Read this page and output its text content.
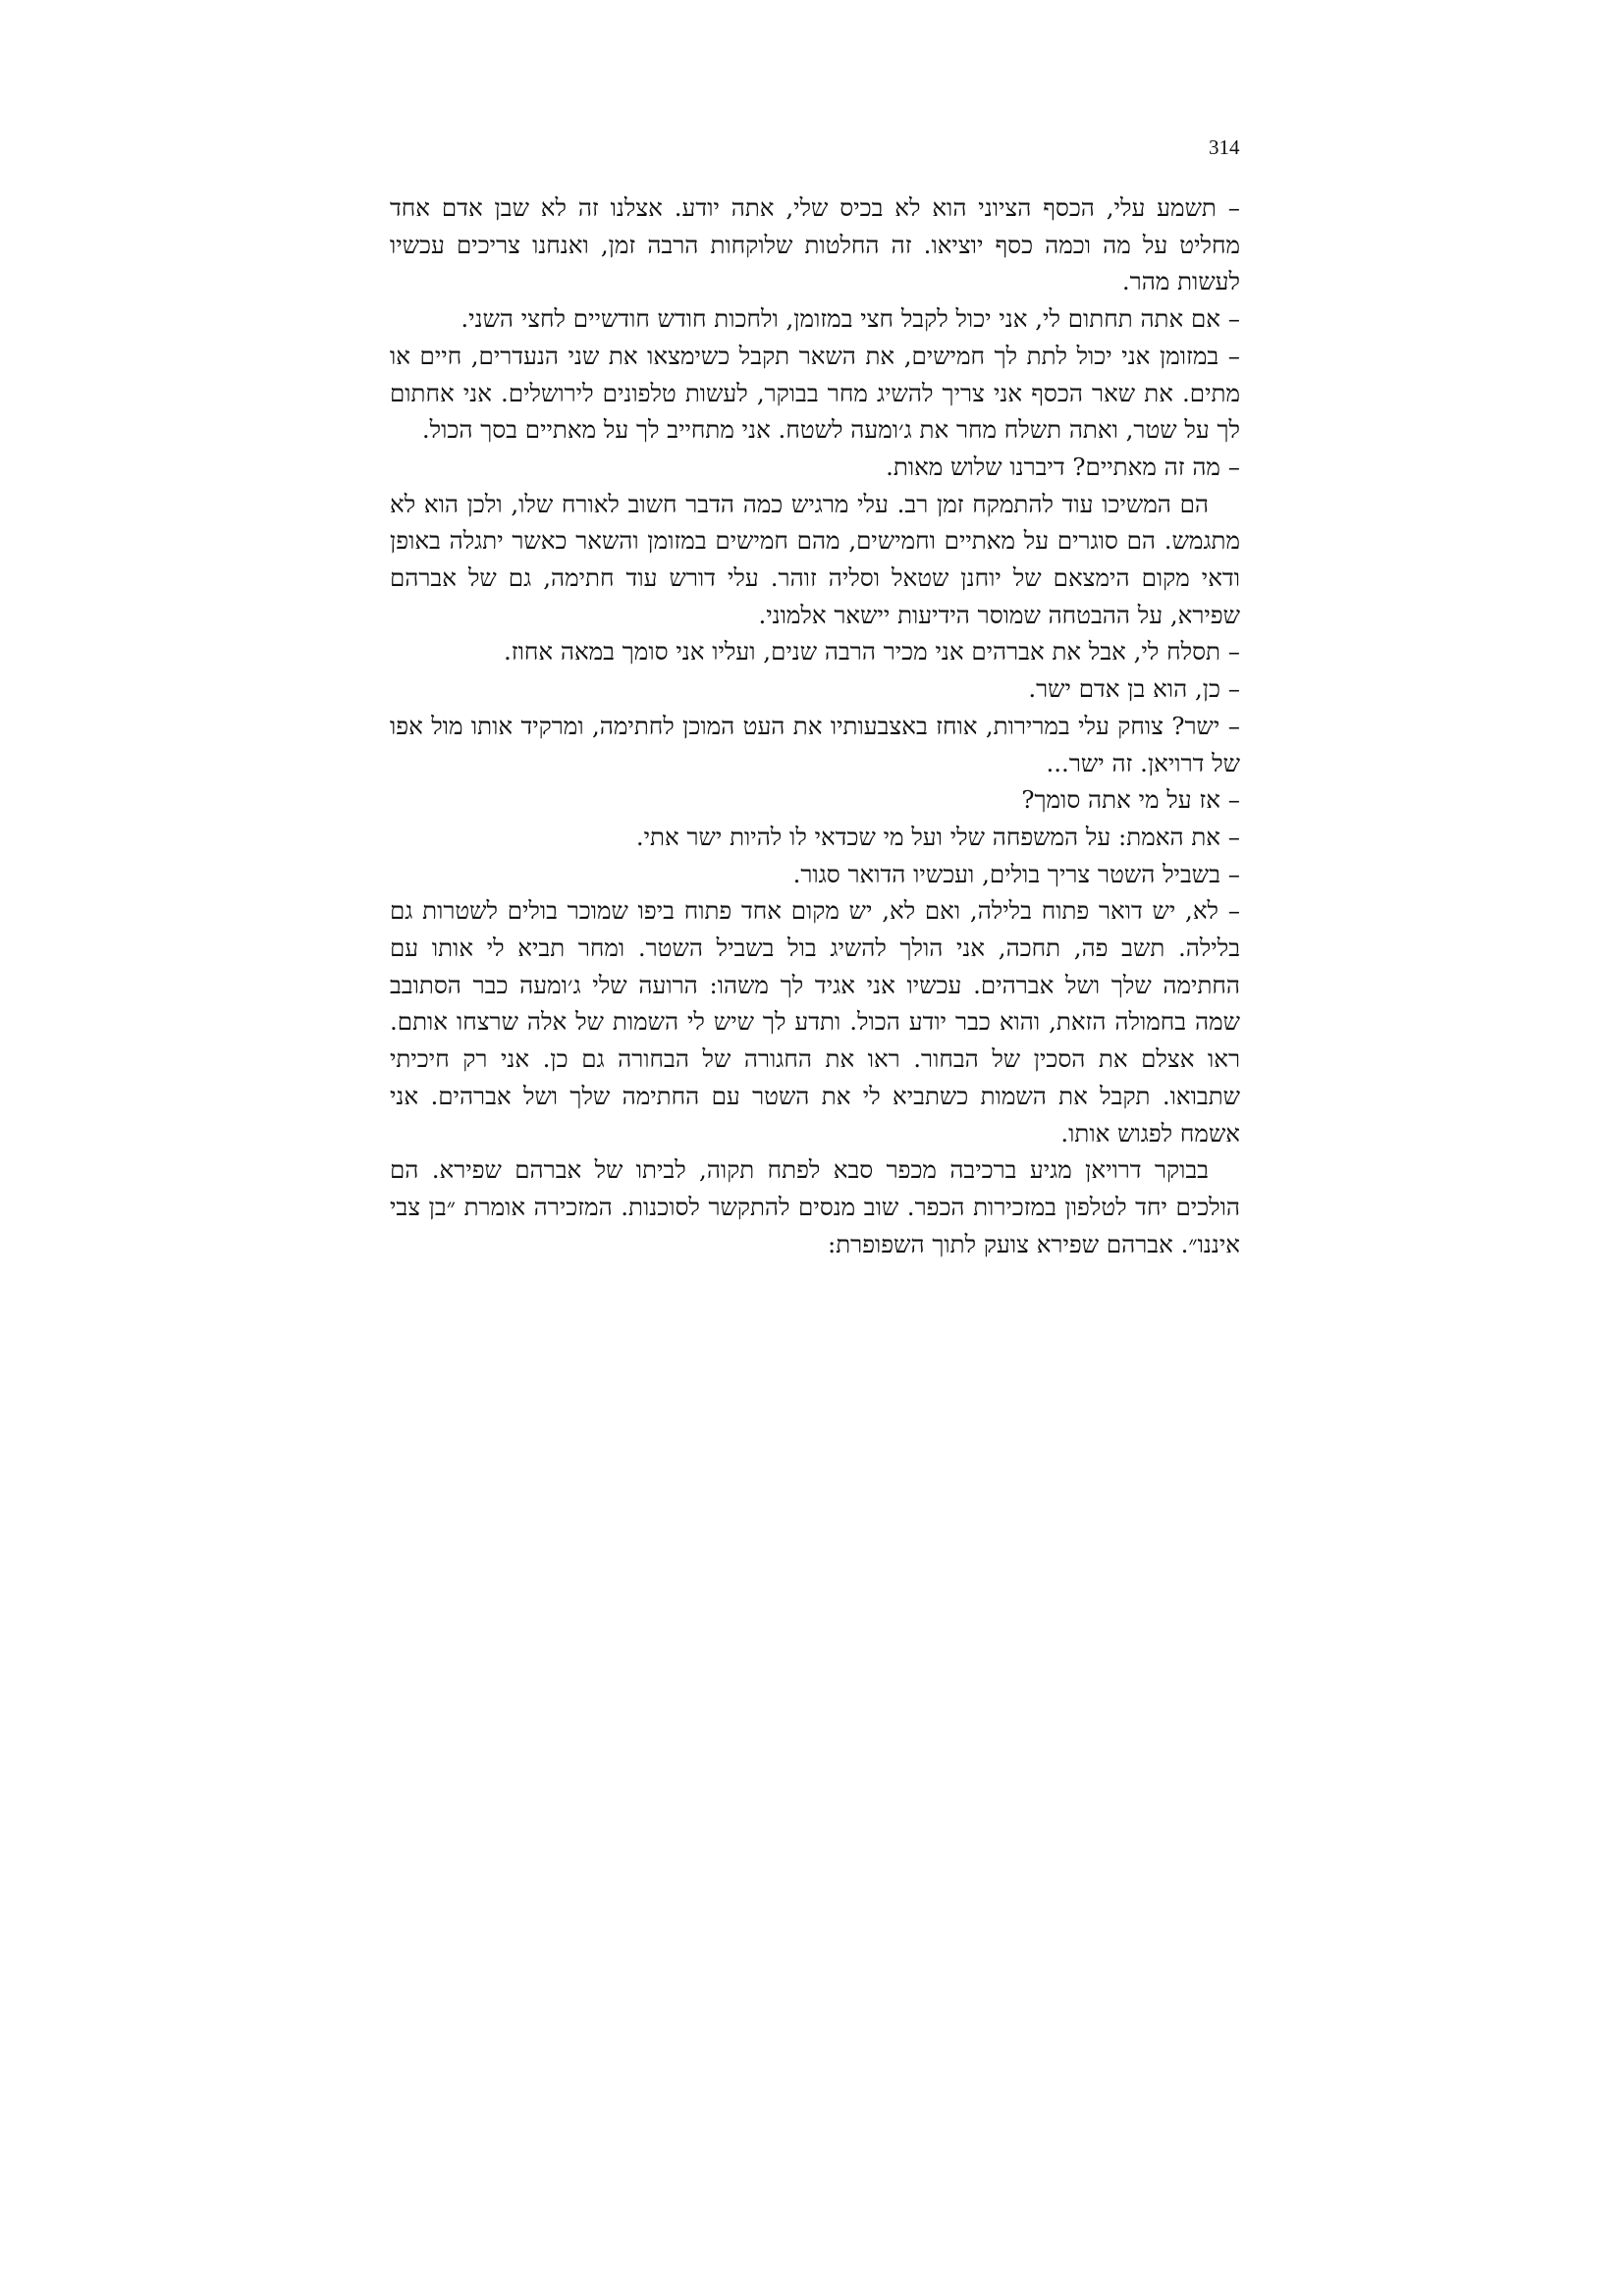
314

– תשמע עלי, הכסף הציוני הוא לא בכיס שלי, אתה יודע. אצלנו זה לא שבן אדם אחד מחליט על מה וכמה כסף יוציאו. זה החלטות שלוקחות הרבה זמן, ואנחנו צריכים עכשיו לעשות מהר.

– אם אתה תחתום לי, אני יכול לקבל חצי במזומן, ולחכות חודש חודשיים לחצי השני.

– במזומן אני יכול לתת לך חמישים, את השאר תקבל כשימצאו את שני הנעדרים, חיים או מתים. את שאר הכסף אני צריך להשיג מחר בבוקר, לעשות טלפונים לירושלים. אני אחתום לך על שטר, ואתה תשלח מחר את ג׳ומעה לשטח. אני מתחייב לך על מאתיים בסך הכול.

– מה זה מאתיים? דיברנו שלוש מאות.

הם המשיכו עוד להתמקח זמן רב. עלי מרגיש כמה הדבר חשוב לאורח שלו, ולכן הוא לא מתגמש. הם סוגרים על מאתיים וחמישים, מהם חמישים במזומן והשאר כאשר יתגלה באופן ודאי מקום הימצאם של יוחנן שטאל וסליה זוהר. עלי דורש עוד חתימה, גם של אברהם שפירא, על ההבטחה שמוסר הידיעות יישאר אלמוני.

– תסלח לי, אבל את אברהים אני מכיר הרבה שנים, ועליו אני סומך במאה אחוז.

– כן, הוא בן אדם ישר.

– ישר? צוחק עלי במרירות, אוחז באצבעותיו את העט המוכן לחתימה, ומרקיד אותו מול אפו של דרויאן. זה ישר...

– אז על מי אתה סומך?

– את האמת: על המשפחה שלי ועל מי שכדאי לו להיות ישר אתי.

– בשביל השטר צריך בולים, ועכשיו הדואר סגור.

– לא, יש דואר פתוח בלילה, ואם לא, יש מקום אחד פתוח ביפו שמוכר בולים לשטרות גם בלילה. תשב פה, תחכה, אני הולך להשיג בול בשביל השטר. ומחר תביא לי אותו עם החתימה שלך ושל אברהים. עכשיו אני אגיד לך משהו: הרועה שלי ג׳ומעה כבר הסתובב שמה בחמולה הזאת, והוא כבר יודע הכול. ותדע לך שיש לי השמות של אלה שרצחו אותם. ראו אצלם את הסכין של הבחור. ראו את החגורה של הבחורה גם כן. אני רק חיכיתי שתבואו. תקבל את השמות כשתביא לי את השטר עם החתימה שלך ושל אברהים. אני אשמח לפגוש אותו.

בבוקר דרויאן מגיע ברכיבה מכפר סבא לפתח תקוה, לביתו של אברהם שפירא. הם הולכים יחד לטלפון במזכירות הכפר. שוב מנסים להתקשר לסוכנות. המזכירה אומרת ״בן צבי איננו״. אברהם שפירא צועק לתוך השפופרת:
